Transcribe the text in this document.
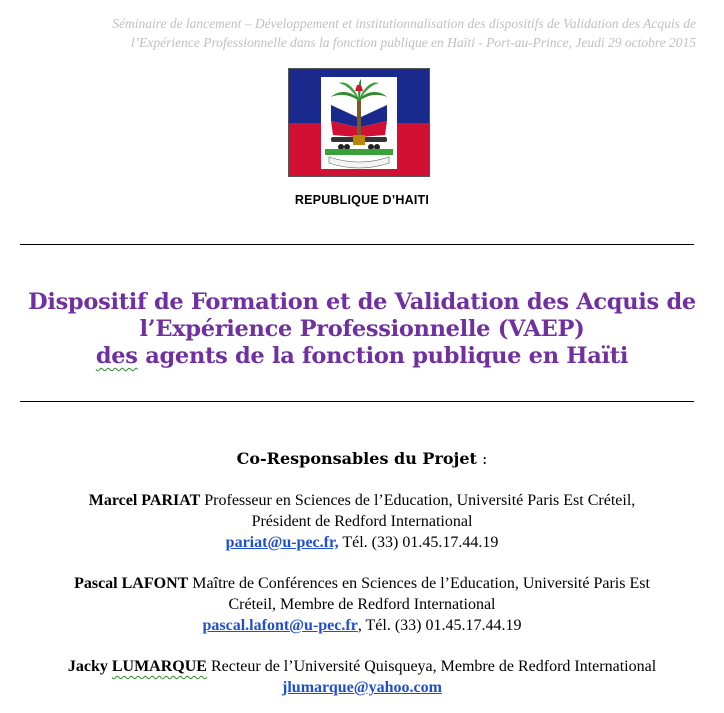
Séminaire de lancement – Développement et institutionnalisation des dispositifs de Validation des Acquis de
l’Expérience Professionnelle dans la fonction publique en Haïti - Port-au-Prince, Jeudi 29 octobre 2015
REPUBLIQUE D’HAITI
Dispositif de Formation et de Validation des Acquis de
l’Expérience Professionnelle (VAEP)
des agents de la fonction publique en Haïti
Co-Responsables du Projet :
Marcel PARIAT Professeur en Sciences de l’Education, Université Paris Est Créteil,
Président de Redford International
pariat@u-pec.fr, Tél. (33) 01.45.17.44.19
Pascal LAFONT Maître de Conférences en Sciences de l’Education, Université Paris Est
Créteil, Membre de Redford International
pascal.lafont@u-pec.fr, Tél. (33) 01.45.17.44.19
Jacky LUMARQUE Recteur de l’Université Quisqueya, Membre de Redford International
jlumarque@yahoo.com
